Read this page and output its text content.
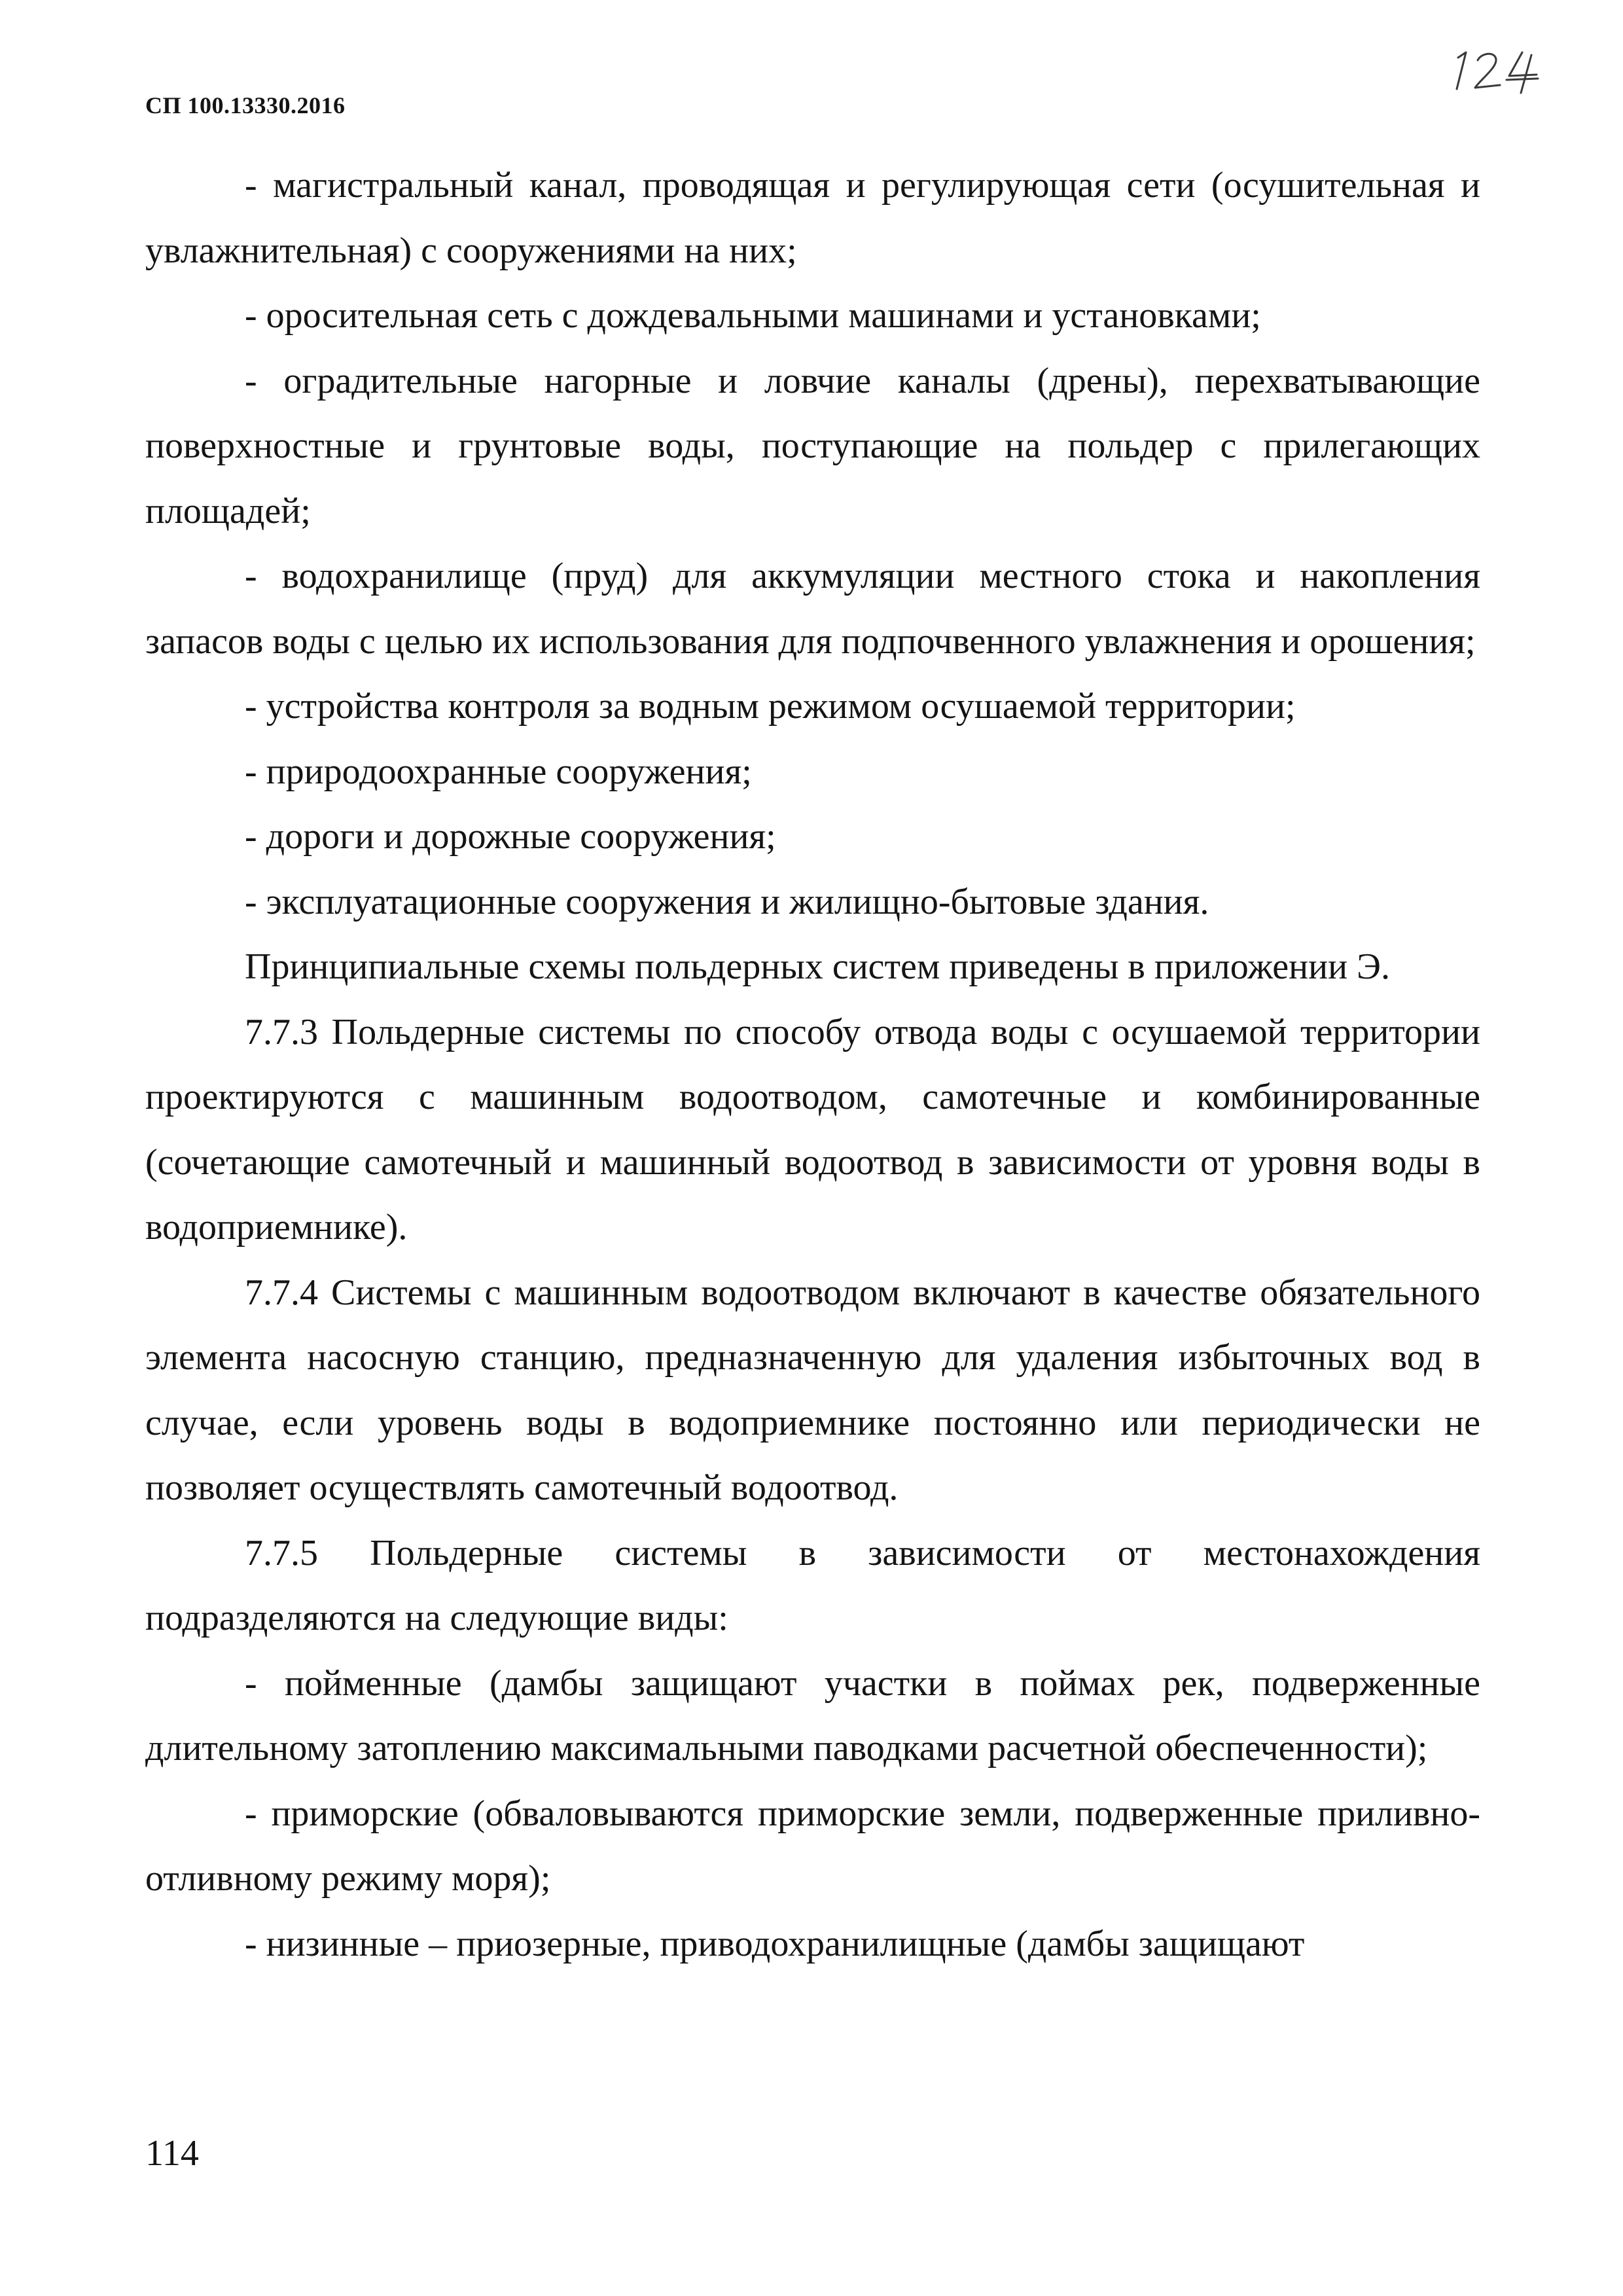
СП 100.13330.2016

- магистральный канал, проводящая и регулирующая сети (осушительная и увлажнительная) с сооружениями на них;

- оросительная сеть с дождевальными машинами и установками;

- оградительные нагорные и ловчие каналы (дрены), перехватывающие поверхностные и грунтовые воды, поступающие на польдер с прилегающих площадей;

- водохранилище (пруд) для аккумуляции местного стока и накопления запасов воды с целью их использования для подпочвенного увлажнения и орошения;

- устройства контроля за водным режимом осушаемой территории;

- природоохранные сооружения;

- дороги и дорожные сооружения;

- эксплуатационные сооружения и жилищно-бытовые здания.

Принципиальные схемы польдерных систем приведены в приложении Э.

7.7.3 Польдерные системы по способу отвода воды с осушаемой территории проектируются с машинным водоотводом, самотечные и комбинированные (сочетающие самотечный и машинный водоотвод в зависимости от уровня воды в водоприемнике).

7.7.4 Системы с машинным водоотводом включают в качестве обязательного элемента насосную станцию, предназначенную для удаления избыточных вод в случае, если уровень воды в водоприемнике постоянно или периодически не позволяет осуществлять самотечный водоотвод.

7.7.5 Польдерные системы в зависимости от местонахождения подразделяются на следующие виды:

- пойменные (дамбы защищают участки в поймах рек, подверженные длительному затоплению максимальными паводками расчетной обеспеченности);

- приморские (обваловываются приморские земли, подверженные приливно-отливному режиму моря);

- низинные – приозерные, приводохранилищные (дамбы защищают

114
